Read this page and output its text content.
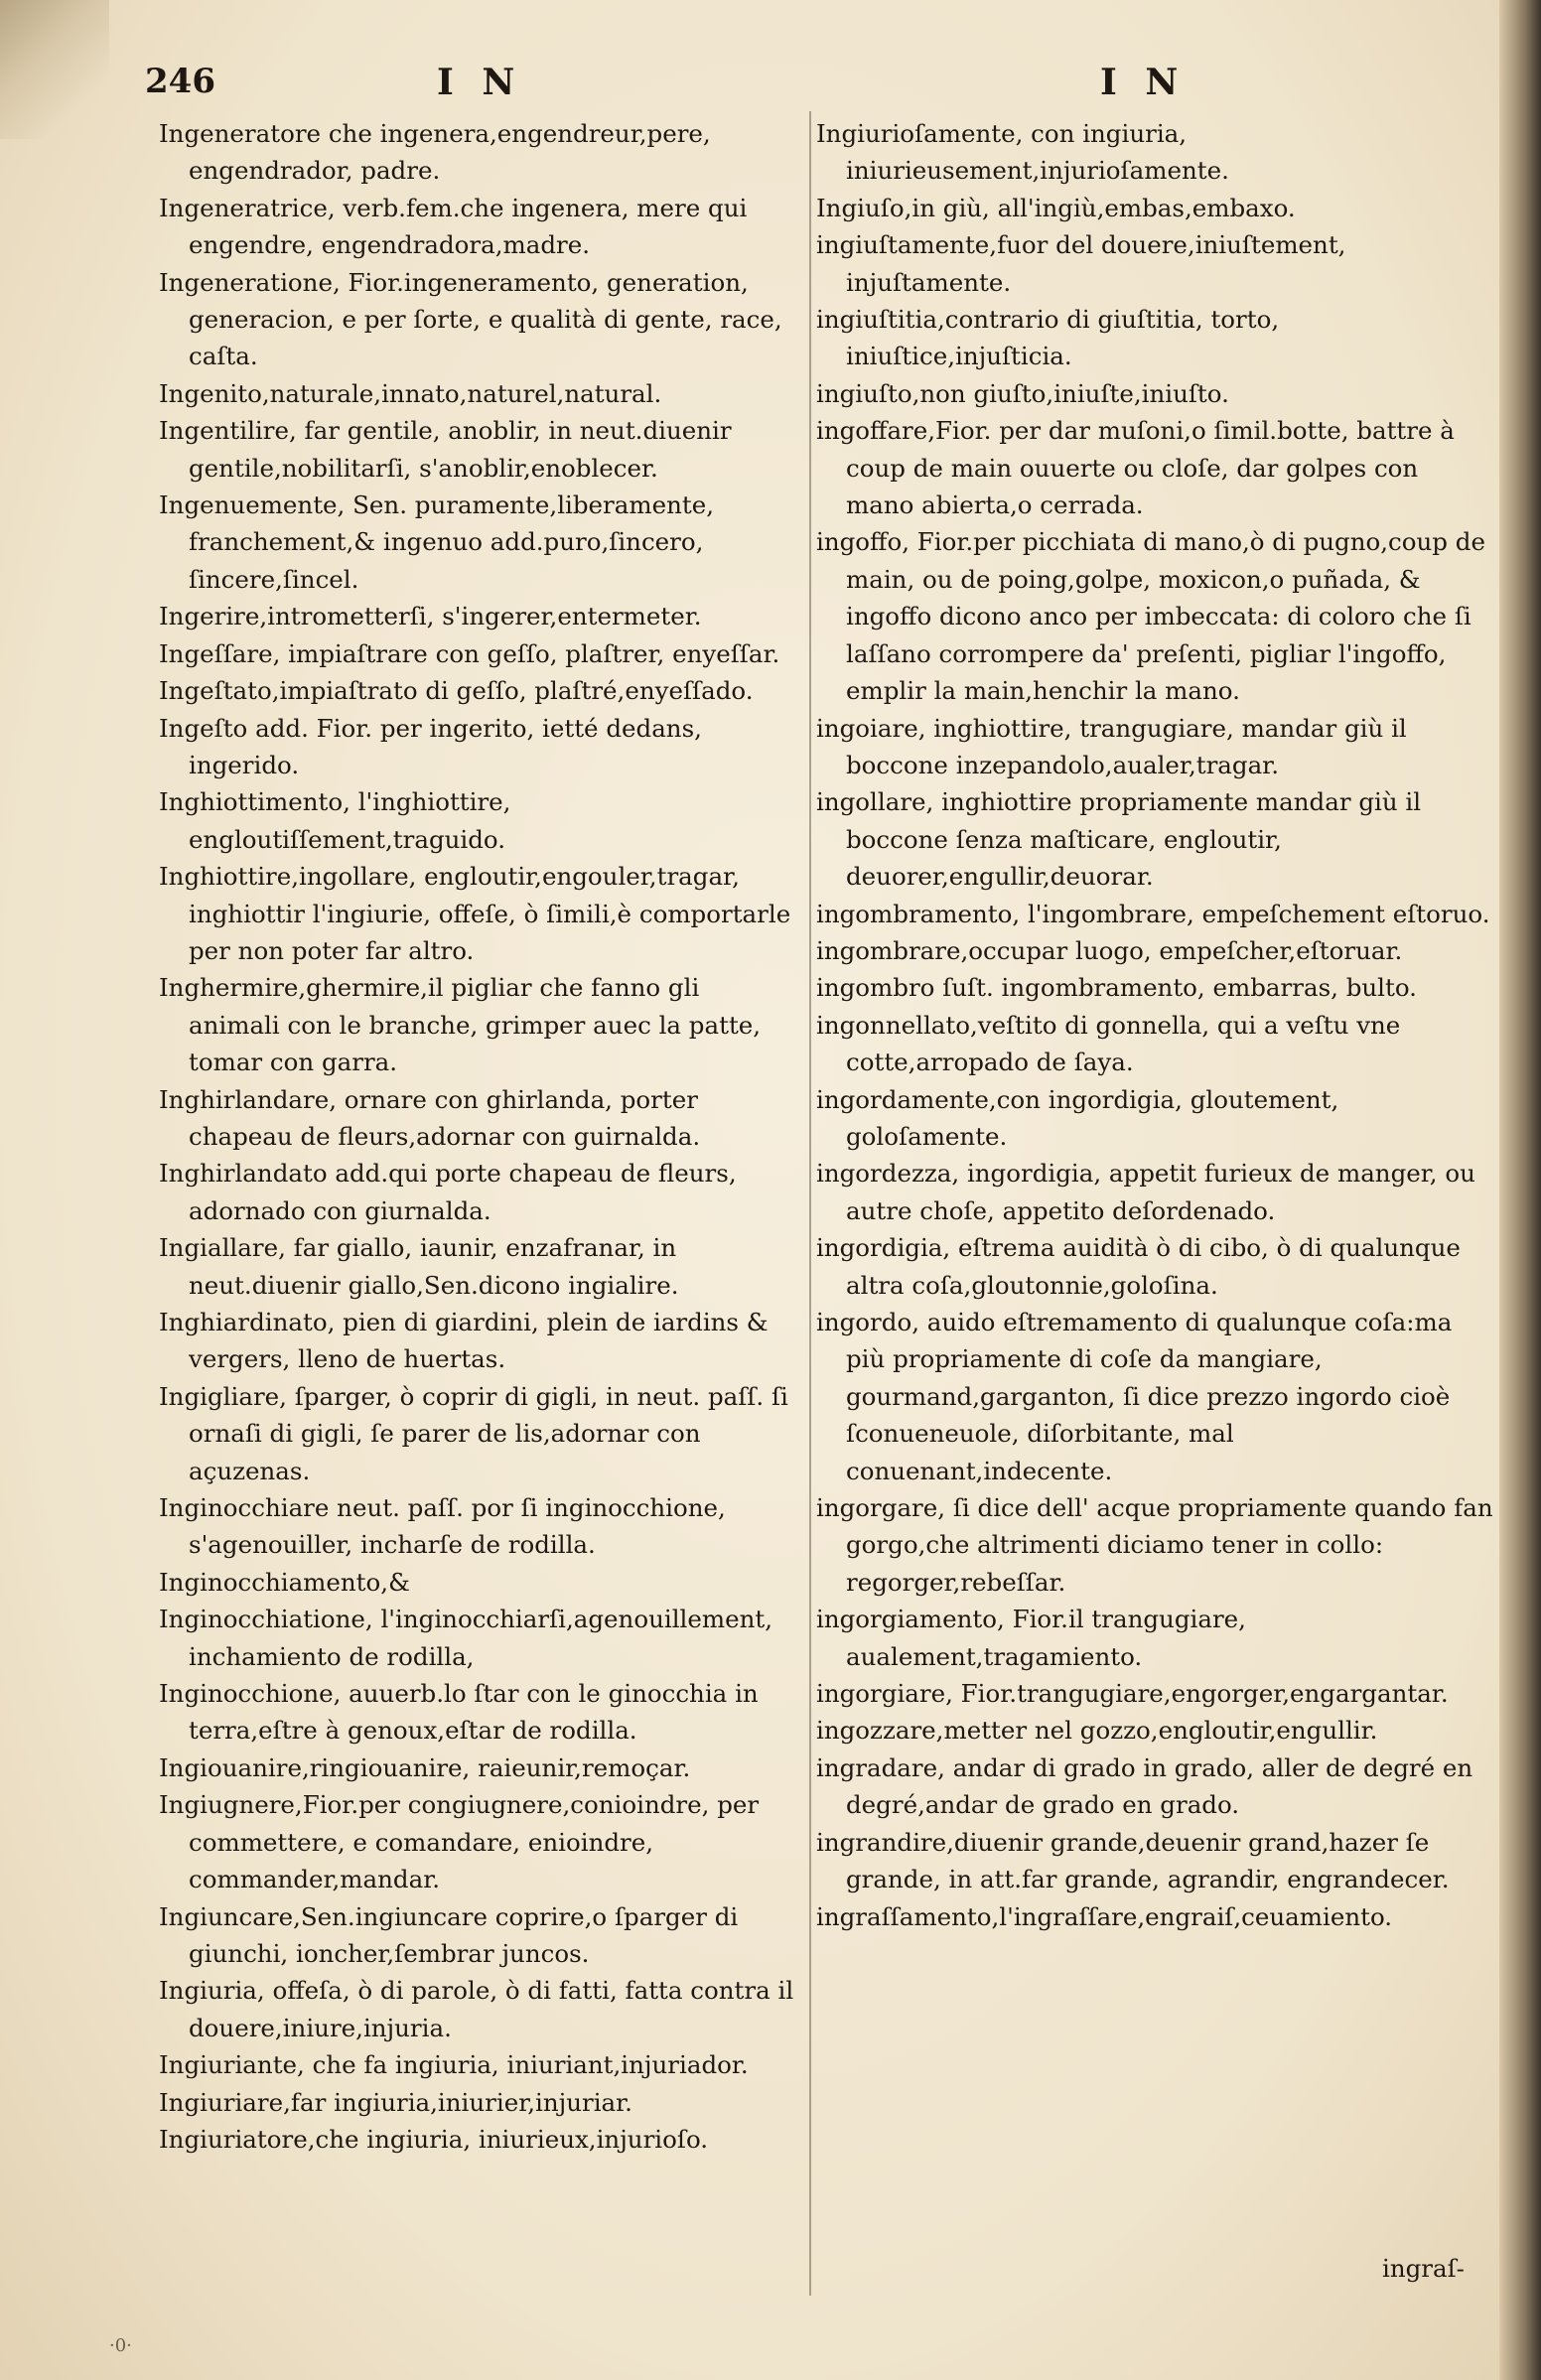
246	I N	I N

Ingeneratore che ingenera,engendreur,pere, engendrador, padre.

Ingeneratrice, verb.fem.che ingenera, mere qui engendre, engendradora,madre.

Ingeneratione, Fior.ingeneramento, generation, generacion, e per ſorte, e qualità di gente, race, caſta.

Ingenito,naturale,innato,naturel,natural.

Ingentilire, far gentile, anoblir, in neut.diuenir gentile,nobilitarſi, s'anoblir,enoblecer.

Ingenuemente, Sen. puramente,liberamente, franchement,& ingenuo add.puro,ſincero, ſincere,ſincel.

Ingerire,intrometterſi, s'ingerer,entermeter.

Ingeſſare, impiaſtrare con geſſo, plaſtrer, enyeſſar.

Ingeſtato,impiaſtrato di geſſo, plaſtré,enyeſſado.

Ingeſto add. Fior. per ingerito, ietté dedans, ingerido.

Inghiottimento, l'inghiottire, engloutiſſement,traguido.

Inghiottire,ingollare, engloutir,engouler,tragar, inghiottir l'ingiurie, offeſe, ò ſimili,è comportarle per non poter far altro.

Inghermire,ghermire,il pigliar che fanno gli animali con le branche, grimper auec la patte, tomar con garra.

Inghirlandare, ornare con ghirlanda, porter chapeau de fleurs,adornar con guirnalda.

Inghirlandato add.qui porte chapeau de fleurs, adornado con giurnalda.

Ingiallare, far giallo, iaunir, enzafranar, in neut.diuenir giallo,Sen.dicono ingialire.

Inghiardinato, pien di giardini, plein de iardins & vergers, lleno de huertas.

Ingigliare, ſparger, ò coprir di gigli, in neut. paſſ. ſi ornaſi di gigli, ſe parer de lis,adornar con açuzenas.

Inginocchiare neut. paſſ. por ſi inginocchione, s'agenouiller, incharſe de rodilla.

Inginocchiamento,&

Inginocchiatione, l'inginocchiarſi,agenouillement, inchamiento de rodilla,

Inginocchione, auuerb.lo ſtar con le ginocchia in terra,eſtre à genoux,eſtar de rodilla.

Ingiouanire,ringiouanire, raieunir,remoçar.

Ingiugnere,Fior.per congiugnere,conioindre, per commettere, e comandare, enioindre, commander,mandar.

Ingiuncare,Sen.ingiuncare coprire,o ſparger di giunchi, ioncher,ſembrar juncos.

Ingiuria, offeſa, ò di parole, ò di fatti, fatta contra il douere,iniure,injuria.

Ingiuriante, che fa ingiuria, iniuriant,injuriador.

Ingiuriare,far ingiuria,iniurier,injuriar.

Ingiuriatore,che ingiuria, iniurieux,injurioſo.

Ingiurioſamente, con ingiuria, iniurieusement,injurioſamente.

Ingiuſo,in giù, all'ingiù,embas,embaxo.

ingiuſtamente,fuor del douere,iniuſtement, injuſtamente.

ingiuſtitia,contrario di giuſtitia, torto, iniuſtice,injuſticia.

ingiuſto,non giuſto,iniuſte,iniuſto.

ingoffare,Fior. per dar muſoni,o ſimil.botte, battre à coup de main ouuerte ou cloſe, dar golpes con mano abierta,o cerrada.

ingoffo, Fior.per picchiata di mano,ò di pugno,coup de main, ou de poing,golpe, moxicon,o puñada, & ingoffo dicono anco per imbeccata: di coloro che ſi laſſano corrompere da' preſenti, pigliar l'ingoffo, emplir la main,henchir la mano.

ingoiare, inghiottire, trangugiare, mandar giù il boccone inzepandolo,aualer,tragar.

ingollare, inghiottire propriamente mandar giù il boccone ſenza maſticare, engloutir, deuorer,engullir,deuorar.

ingombramento, l'ingombrare, empeſchement eſtoruo.

ingombrare,occupar luogo, empeſcher,eſtoruar.

ingombro ſuſt. ingombramento, embarras, bulto.

ingonnellato,veſtito di gonnella, qui a veſtu vne cotte,arropado de ſaya.

ingordamente,con ingordigia, gloutement, goloſamente.

ingordezza, ingordigia, appetit furieux de manger, ou autre choſe, appetito deſordenado.

ingordigia, eſtrema auidità ò di cibo, ò di qualunque altra coſa,gloutonnie,goloſina.

ingordo, auido eſtremamento di qualunque coſa:ma più propriamente di coſe da mangiare, gourmand,garganton, ſi dice prezzo ingordo cioè ſconueneuole, diſorbitante, mal conuenant,indecente.

ingorgare, ſi dice dell' acque propriamente quando fan gorgo,che altrimenti diciamo tener in collo: regorger,rebeſſar.

ingorgiamento, Fior.il trangugiare, aualement,tragamiento.

ingorgiare, Fior.trangugiare,engorger,engargantar.

ingozzare,metter nel gozzo,engloutir,engullir.

ingradare, andar di grado in grado, aller de degré en degré,andar de grado en grado.

ingrandire,diuenir grande,deuenir grand,hazer ſe grande, in att.far grande, agrandir, engrandecer.

ingraſſamento,l'ingraſſare,engraiſ,ceuamiento.

ingraſ-
·0·
